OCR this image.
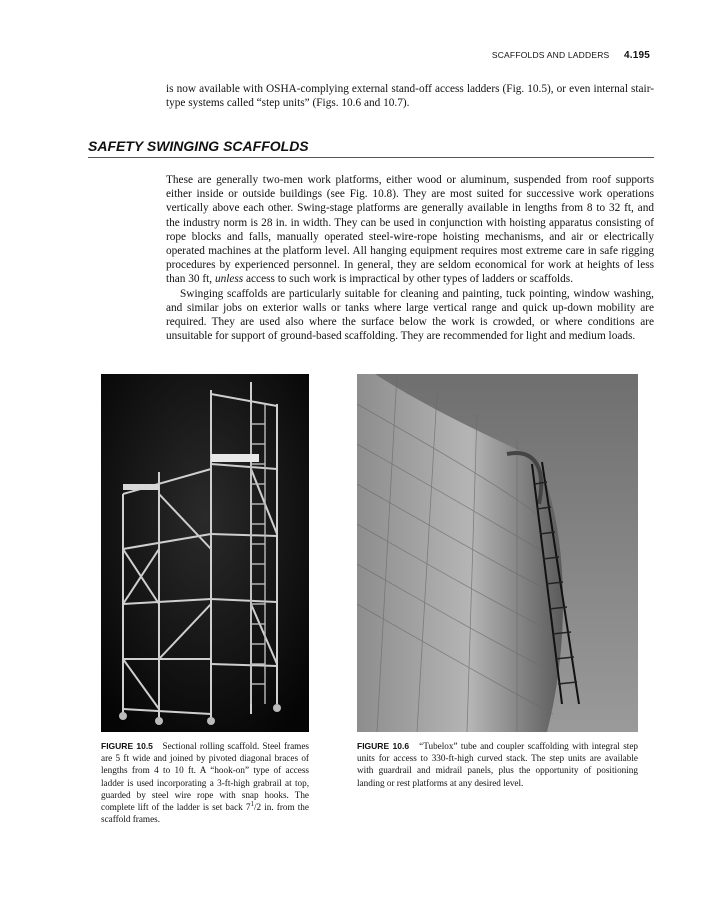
SCAFFOLDS AND LADDERS 4.195
is now available with OSHA-complying external stand-off access ladders (Fig. 10.5), or even internal stair-type systems called “step units” (Figs. 10.6 and 10.7).
SAFETY SWINGING SCAFFOLDS

These are generally two-men work platforms, either wood or aluminum, suspended from roof supports either inside or outside buildings (see Fig. 10.8). They are most suited for successive work operations vertically above each other. Swing-stage platforms are generally available in lengths from 8 to 32 ft, and the industry norm is 28 in. in width. They can be used in conjunction with hoisting apparatus consisting of rope blocks and falls, manually operated steel-wire-rope hoisting mechanisms, and air or electrically operated machines at the platform level. All hanging equipment requires most extreme care in safe rigging procedures by experienced personnel. In general, they are seldom economical for work at heights of less than 30 ft, unless access to such work is impractical by other types of ladders or scaffolds.

Swinging scaffolds are particularly suitable for cleaning and painting, tuck pointing, window washing, and similar jobs on exterior walls or tanks where large vertical range and quick up-down mobility are required. They are used also where the surface below the work is crowded, or where conditions are unsuitable for support of ground-based scaffolding. They are recommended for light and medium loads.

FIGURE 10.5 Sectional rolling scaffold. Steel frames are 5 ft wide and joined by pivoted diagonal braces of lengths from 4 to 10 ft. A “hook-on” type of access ladder is used incorporating a 3-ft-high grabrail at top, guarded by steel wire rope with snap hooks. The complete lift of the ladder is set back $7^1/2$ in. from the scaffold frames.
FIGURE 10.6 “Tubelox” tube and coupler scaffolding with integral step units for access to 330-ft-high curved stack. The step units are available with guardrail and midrail panels, plus the opportunity of positioning landing or rest platforms at any desired level.
